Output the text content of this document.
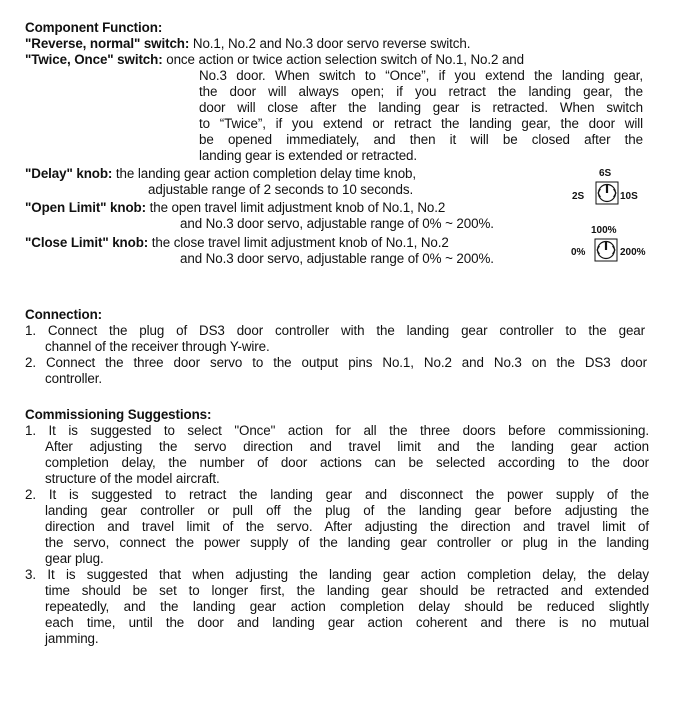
Component Function:
"Reverse, normal" switch: No.1, No.2 and No.3 door servo reverse switch.
"Twice, Once" switch: once action or twice action selection switch of No.1, No.2 and
No.3 door. When switch to “Once”, if you extend the landing gear,
the door will always open; if you retract the landing gear, the
door will close after the landing gear is retracted. When switch
to “Twice”, if you extend or retract the landing gear, the door will
be opened immediately, and then it will be closed after the
landing gear is extended or retracted.
"Delay" knob: the landing gear action completion delay time knob,
adjustable range of 2 seconds to 10 seconds.
"Open Limit" knob: the open travel limit adjustment knob of No.1, No.2
and No.3 door servo, adjustable range of 0% ~ 200%.
"Close Limit" knob: the close travel limit adjustment knob of No.1, No.2
and No.3 door servo, adjustable range of 0% ~ 200%.
6S
2S	10S
100%
0%	200%
Connection:
1. Connect the plug of DS3 door controller with the landing gear controller to the gear
channel of the receiver through Y-wire.
2. Connect the three door servo to the output pins No.1, No.2 and No.3 on the DS3 door
controller.
Commissioning Suggestions:
1. It is suggested to select "Once" action for all the three doors before commissioning.
After adjusting the servo direction and travel limit and the landing gear action
completion delay, the number of door actions can be selected according to the door
structure of the model aircraft.
2. It is suggested to retract the landing gear and disconnect the power supply of the
landing gear controller or pull off the plug of the landing gear before adjusting the
direction and travel limit of the servo. After adjusting the direction and travel limit of
the servo, connect the power supply of the landing gear controller or plug in the landing
gear plug.
3. It is suggested that when adjusting the landing gear action completion delay, the delay
time should be set to longer first, the landing gear should be retracted and extended
repeatedly, and the landing gear action completion delay should be reduced slightly
each time, until the door and landing gear action coherent and there is no mutual
jamming.
